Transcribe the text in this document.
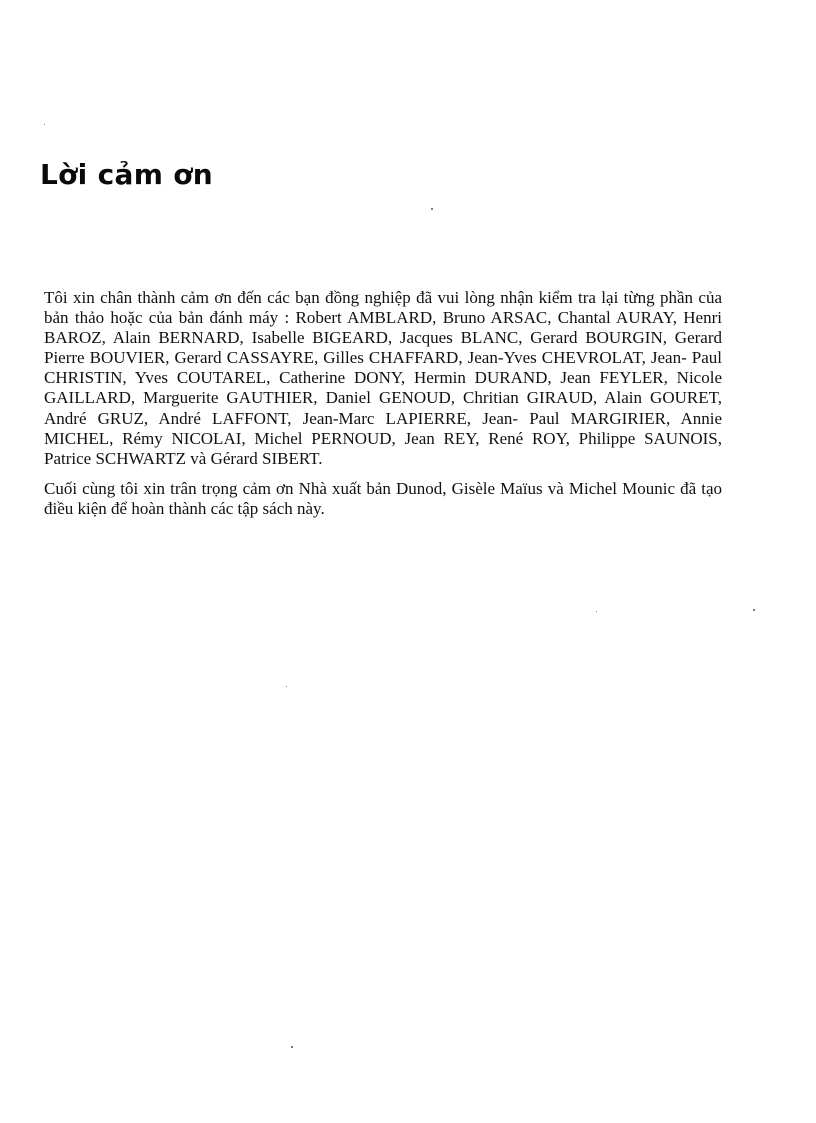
Lời cảm ơn

Tôi xin chân thành cảm ơn đến các bạn đồng nghiệp đã vui lòng nhận kiểm tra lại từng phần của bản thảo hoặc của bản đánh máy : Robert AMBLARD, Bruno ARSAC, Chantal AURAY, Henri BAROZ, Alain BERNARD, Isabelle BIGEARD, Jacques BLANC, Gerard BOURGIN, Gerard Pierre BOUVIER, Gerard CASSAYRE, Gilles CHAFFARD, Jean-Yves CHEVROLAT, Jean- Paul CHRISTIN, Yves COUTAREL, Catherine DONY, Hermin DURAND, Jean FEYLER, Nicole GAILLARD, Marguerite GAUTHIER, Daniel GENOUD, Chritian GIRAUD, Alain GOURET, André GRUZ, André LAFFONT, Jean-Marc LAPIERRE, Jean- Paul MARGIRIER, Annie MICHEL, Rémy NICOLAI, Michel PERNOUD, Jean REY, René ROY, Philippe SAUNOIS, Patrice SCHWARTZ và Gérard SIBERT.

Cuối cùng tôi xin trân trọng cảm ơn Nhà xuất bản Dunod, Gisèle Maïus và Michel Mounic đã tạo điều kiện để hoàn thành các tập sách này.
